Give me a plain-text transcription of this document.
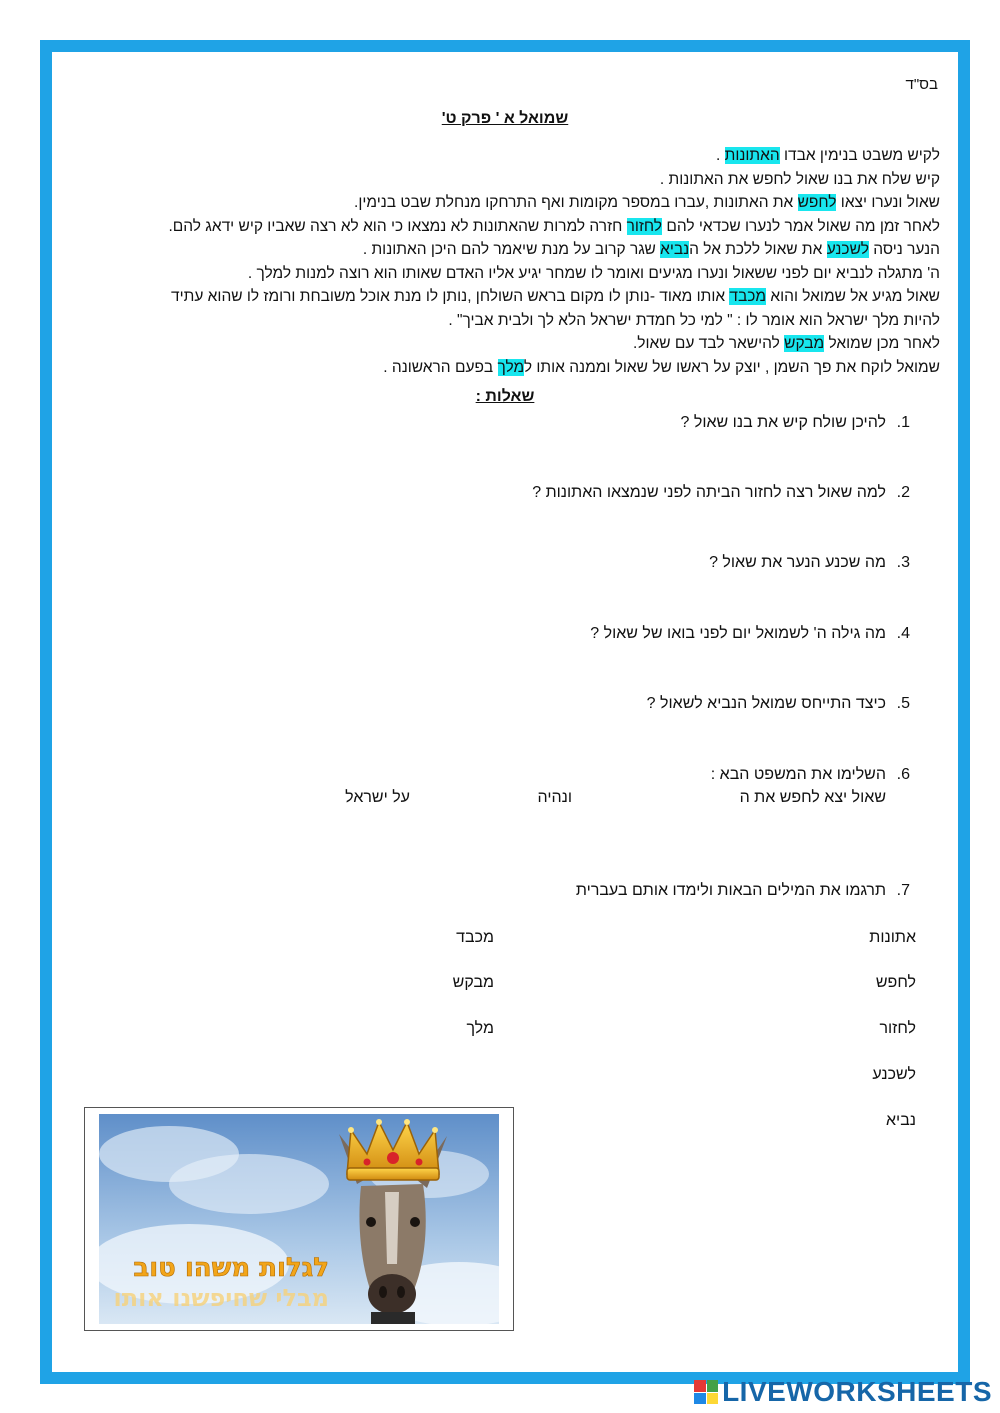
בס"ד
שמואל א ' פרק ט'
לקיש משבט בנימין אבדו האתונות .
קיש שלח את בנו שאול לחפש את האתונות .
שאול ונערו יצאו לחפש את האתונות ,עברו במספר מקומות ואף התרחקו מנחלת שבט בנימין.
לאחר זמן מה שאול אמר לנערו שכדאי להם לחזור חזרה למרות שהאתונות לא נמצאו כי הוא לא רצה שאביו קיש ידאג להם.
הנער ניסה לשכנע את שאול ללכת אל הנביא שגר קרוב על מנת שיאמר להם היכן האתונות .
ה' מתגלה לנביא יום לפני ששאול ונערו מגיעים ואומר לו שמחר יגיע אליו האדם שאותו הוא רוצה למנות למלך .
שאול מגיע אל שמואל והוא מכבד אותו מאוד -נותן לו מקום בראש השולחן ,נותן לו מנת אוכל משובחת ורומז לו שהוא עתיד
להיות מלך ישראל הוא אומר לו : " למי כל חמדת ישראל הלא לך ולבית אביך" .
לאחר מכן שמואל מבקש להישאר לבד עם שאול.
שמואל לוקח את פך השמן , יוצק על ראשו של שאול וממנה אותו למלך בפעם הראשונה .
שאלות :
1.להיכן שולח קיש את בנו שאול ?
2.למה שאול רצה לחזור הביתה לפני שנמצאו האתונות ?
3.מה שכנע הנער את שאול ?
4.מה גילה ה' לשמואל יום לפני בואו של שאול ?
5.כיצד התייחס שמואל הנביא לשאול ?
6.השלימו את המשפט הבא :
שאול יצא לחפש את ה
ונהיה
על ישראל
7.תרגמו את המילים הבאות ולימדו אותם בעברית
אתונות
לחפש
לחזור
לשכנע
נביא
מכבד
מבקש
מלך
לגלות משהו טוב
מבלי שחיפשנו אותו
LIVEWORKSHEETS
